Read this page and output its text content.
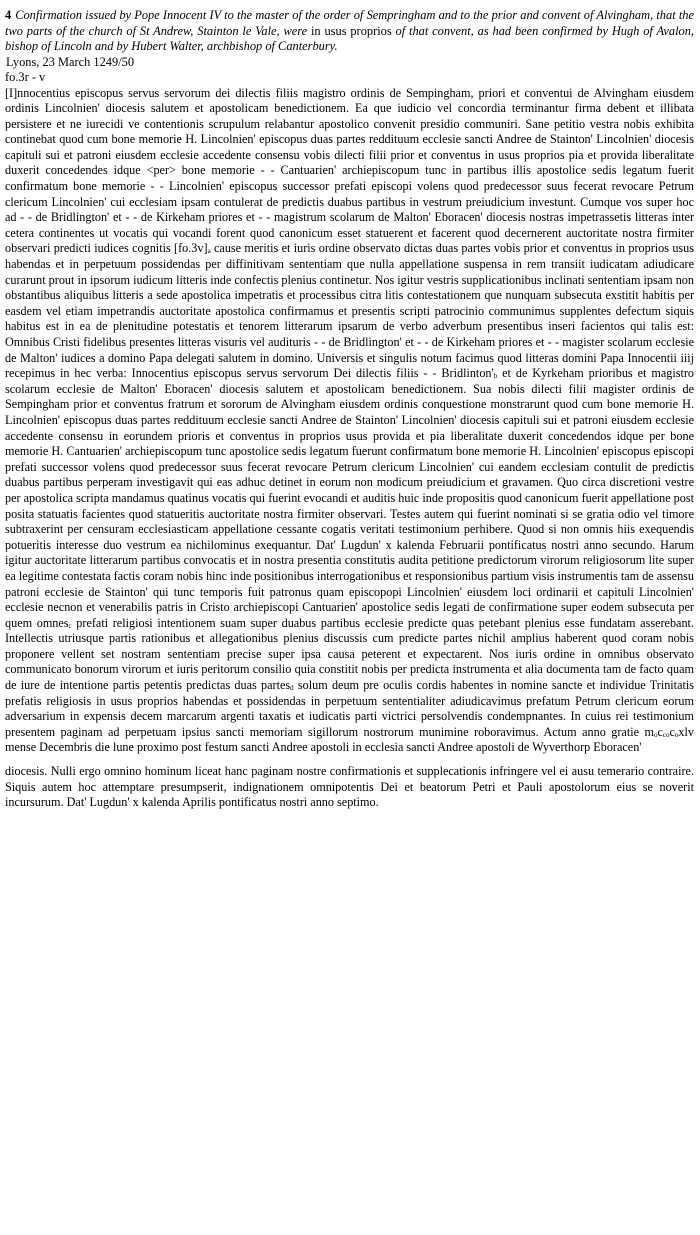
4 Confirmation issued by Pope Innocent IV to the master of the order of Sempringham and to the prior and convent of Alvingham, that the two parts of the church of St Andrew, Stainton le Vale, were in usus proprios of that convent, as had been confirmed by Hugh of Avalon, bishop of Lincoln and by Hubert Walter, archbishop of Canterbury.

Lyons, 23 March 1249/50

fo.3r - v

[I]nnocentius episcopus servus servorum dei dilectis filiis magistro ordinis de Sempingham, priori et conventui de Alvingham eiusdem ordinis Lincolnien' diocesis salutem et apostolicam benedictionem. Ea que iudicio vel concordia terminantur firma debent et illibata persistere et ne iurecidi ve contentionis scrupulum relabantur apostolico convenit presidio communiri. Sane petitio vestra nobis exhibita continebat quod cum bone memorie H. Lincolnien' episcopus duas partes reddituum ecclesie sancti Andree de Stainton' Lincolnien' diocesis capituli sui et patroni eiusdem ecclesie accedente consensu vobis dilecti filii prior et conventus in usus proprios pia et provida liberalitate duxerit concedendes idque <per> bone memorie - - Cantuarien' archiepiscopum tunc in partibus illis apostolice sedis legatum fuerit confirmatum bone memorie - - Lincolnien' episcopus successor prefati episcopi volens quod predecessor suus fecerat revocare Petrum clericum Lincolnien' cui ecclesiam ipsam contulerat de predictis duabus partibus in vestrum preiudicium investunt. Cumque vos super hoc ad - - de Bridlington' et - - de Kirkeham priores et - - magistrum scolarum de Malton' Eboracen' diocesis nostras impetrassetis litteras inter cetera continentes ut vocatis qui vocandi forent quod canonicum esset statuerent et facerent quod decernerent auctoritate nostra firmiter observari predicti iudices cognitis $[fo.3v]_a$ cause meritis et iuris ordine observato dictas duas partes vobis prior et conventus in proprios usus habendas et in perpetuum possidendas per diffinitivam sententiam que nulla appellatione suspensa in rem transiit iudicatam adiudicare curarunt prout in ipsorum iudicum litteris inde confectis plenius continetur. Nos igitur vestris supplicationibus inclinati sententiam ipsam non obstantibus aliquibus litteris a sede apostolica impetratis et processibus citra litis contestationem que nunquam subsecuta exstitit habitis per easdem vel etiam impetrandis auctoritate apostolica confirmamus et presentis scripti patrocinio communimus supplentes defectum siquis habitus est in ea de plenitudine potestatis et tenorem litterarum ipsarum de verbo adverbum presentibus inseri facientos qui talis est: Omnibus Cristi fidelibus presentes litteras visuris vel audituris - - de Bridlington' et - - de Kirkeham priores et - - magister scolarum ecclesie de Malton' iudices a domino Papa delegati salutem in domino. Universis et singulis notum facimus quod litteras domini Papa Innocentii iiij recepimus in hec verba: Innocentius episcopus servus servorum Dei dilectis filiis - - $Bridlinton'_b$ et de Kyrkeham prioribus et magistro scolarum ecclesie de Malton' Eboracen' diocesis salutem et apostolicam benedictionem. Sua nobis dilecti filii magister ordinis de Sempingham prior et conventus fratrum et sororum de Alvingham eiusdem ordinis conquestione monstrarunt quod cum bone memorie H. Lincolnien' episcopus duas partes reddituum ecclesie sancti Andree de Stainton' Lincolnien' diocesis capituli sui et patroni eiusdem ecclesie accedente consensu in eorundem prioris et conventus in proprios usus provida et pia liberalitate duxerit concedendos idque per bone memorie H. Cantuarien' archiepiscopum tunc apostolice sedis legatum fuerunt confirmatum bone memorie H. Lincolnien' episcopus episcopi prefati successor volens quod predecessor suus fecerat revocare Petrum clericum Lincolnien' cui eandem ecclesiam contulit de predictis duabus partibus perperam investigavit qui eas adhuc detinet in eorum non modicum preiudicium et gravamen. Quo circa discretioni vestre per apostolica scripta mandamus quatinus vocatis qui fuerint evocandi et auditis huic inde propositis quod canonicum fuerit appellatione post posita statuatis facientes quod statueritis auctoritate nostra firmiter observari. Testes autem qui fuerint nominati si se gratia odio vel timore subtraxerint per censuram ecclesiasticam appellatione cessante cogatis veritati testimonium perhibere. Quod si non omnis hiis exequendis potueritis interesse duo vestrum ea nichilominus exequantur. Dat' Lugdun' x kalenda Februarii pontificatus nostri anno secundo. Harum igitur auctoritate litterarum partibus convocatis et in nostra presentia constitutis audita petitione predictorum virorum religiosorum lite super ea legitime contestata factis coram nobis hinc inde positionibus interrogationibus et responsionibus partium visis instrumentis tam de assensu patroni ecclesie de Stainton' qui tunc temporis fuit patronus quam episcopopi Lincolnien' eiusdem loci ordinarii et capituli Lincolnien' ecclesie necnon et venerabilis patris in Cristo archiepiscopi Cantuarien' apostolice sedis legati de confirmatione super eodem subsecuta per quem omnes$_c$ prefati religiosi intentionem suam super duabus partibus ecclesie predicte quas petebant plenius esse fundatam asserebant. Intellectis utriusque partis rationibus et allegationibus plenius discussis cum predicte partes nichil amplius haberent quod coram nobis proponere vellent set nostram sententiam precise super ipsa causa peterent et expectarent. Nos iuris ordine in omnibus observato communicato bonorum virorum et iuris peritorum consilio quia constitit nobis per predicta instrumenta et alia documenta tam de facto quam de iure de intentione partis petentis predictas duas partes$_d$ solum deum pre oculis cordis habentes in nomine sancte et individue Trinitatis prefatis religiosis in usus proprios habendas et possidendas in perpetuum sententialiter adiudicavimus prefatum Petrum clericum eorum adversarium in expensis decem marcarum argenti taxatis et iudicatis parti victrici persolvendis condempnantes. In cuius rei testimonium presentem paginam ad perpetuam ipsius sancti memoriam sigillorum nostrorum munimine roboravimus. Actum anno gratie $m_oc_{co}c_oxlv$ mense Decembris die lune proximo post festum sancti Andree apostoli in ecclesia sancti Andree apostoli de Wyverthorp Eboracen'

diocesis. Nulli ergo omnino hominum liceat hanc paginam nostre confirmationis et supplecationis infringere vel ei ausu temerario contraire. Siquis autem hoc attemptare presumpserit, indignationem omnipotentis Dei et beatorum Petri et Pauli apostolorum eius se noverit incursurum. Dat' Lugdun' x kalenda Aprilis pontificatus nostri anno septimo.
